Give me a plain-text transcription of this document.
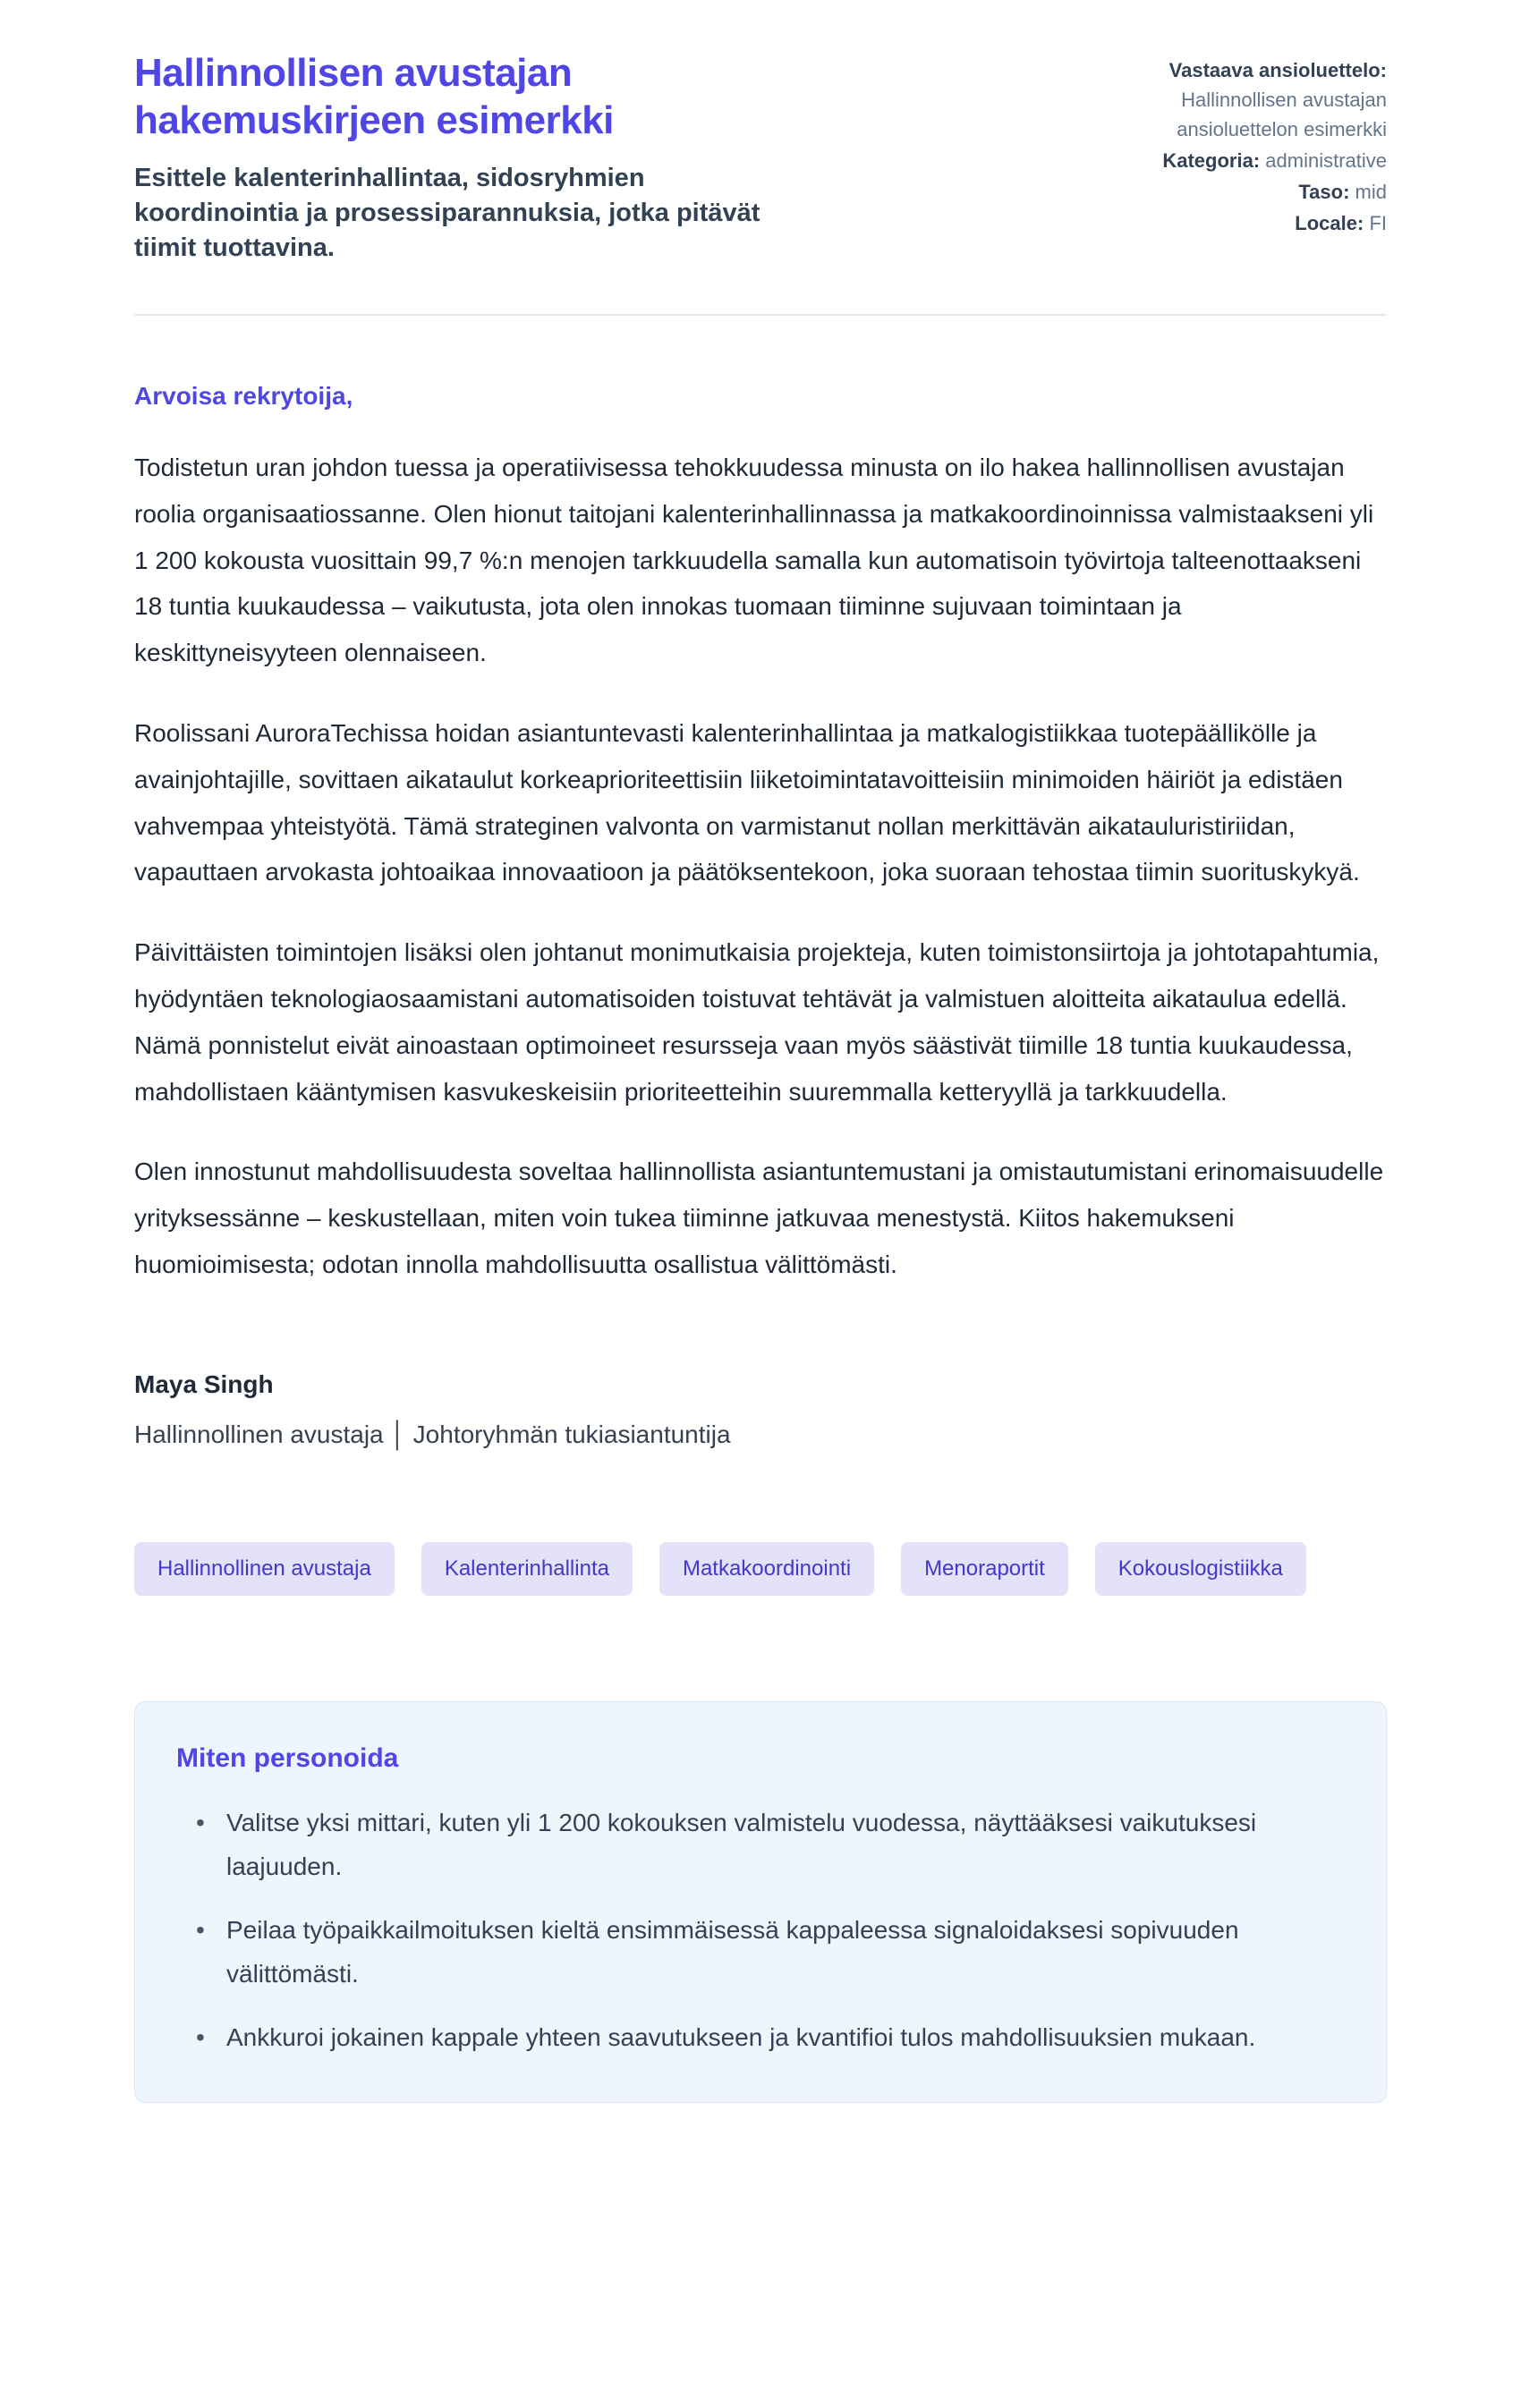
Hallinnollisen avustajan hakemuskirjeen esimerkki

Esittele kalenterinhallintaa, sidosryhmien koordinointia ja prosessiparannuksia, jotka pitävät tiimit tuottavina.

Vastaava ansioluettelo: Hallinnollisen avustajan ansioluettelon esimerkki
Kategoria: administrative
Taso: mid
Locale: FI

Arvoisa rekrytoija,

Todistetun uran johdon tuessa ja operatiivisessa tehokkuudessa minusta on ilo hakea hallinnollisen avustajan roolia organisaatiossanne. Olen hionut taitojani kalenterinhallinnassa ja matkakoordinoinnissa valmistaakseni yli 1 200 kokousta vuosittain 99,7 %:n menojen tarkkuudella samalla kun automatisoin työvirtoja talteenottaakseni 18 tuntia kuukaudessa – vaikutusta, jota olen innokas tuomaan tiiminne sujuvaan toimintaan ja keskittyneisyyteen olennaiseen.

Roolissani AuroraTechissa hoidan asiantuntevasti kalenterinhallintaa ja matkalogistiikkaa tuotepäällikölle ja avainjohtajille, sovittaen aikataulut korkeaprioriteettisiin liiketoimintatavoitteisiin minimoiden häiriöt ja edistäen vahvempaa yhteistyötä. Tämä strateginen valvonta on varmistanut nollan merkittävän aikatauluristiriidan, vapauttaen arvokasta johtoaikaa innovaatioon ja päätöksentekoon, joka suoraan tehostaa tiimin suorituskykyä.

Päivittäisten toimintojen lisäksi olen johtanut monimutkaisia projekteja, kuten toimistonsiirtoja ja johtotapahtumia, hyödyntäen teknologiaosaamistani automatisoiden toistuvat tehtävät ja valmistuen aloitteita aikataulua edellä. Nämä ponnistelut eivät ainoastaan optimoineet resursseja vaan myös säästivät tiimille 18 tuntia kuukaudessa, mahdollistaen kääntymisen kasvukeskeisiin prioriteetteihin suuremmalla ketteryyllä ja tarkkuudella.

Olen innostunut mahdollisuudesta soveltaa hallinnollista asiantuntemustani ja omistautumistani erinomaisuudelle yrityksessänne – keskustellaan, miten voin tukea tiiminne jatkuvaa menestystä. Kiitos hakemukseni huomioimisesta; odotan innolla mahdollisuutta osallistua välittömästi.

Maya Singh

Hallinnollinen avustaja │ Johtoryhmän tukiasiantuntija

Hallinnollinen avustaja	Kalenterinhallinta	Matkakoordinointi	Menoraportit	Kokouslogistiikka
Miten personoida
• Valitse yksi mittari, kuten yli 1 200 kokouksen valmistelu vuodessa, näyttääksesi vaikutuksesi laajuuden.
• Peilaa työpaikkailmoituksen kieltä ensimmäisessä kappaleessa signaloidaksesi sopivuuden välittömästi.
• Ankkuroi jokainen kappale yhteen saavutukseen ja kvantifioi tulos mahdollisuuksien mukaan.
